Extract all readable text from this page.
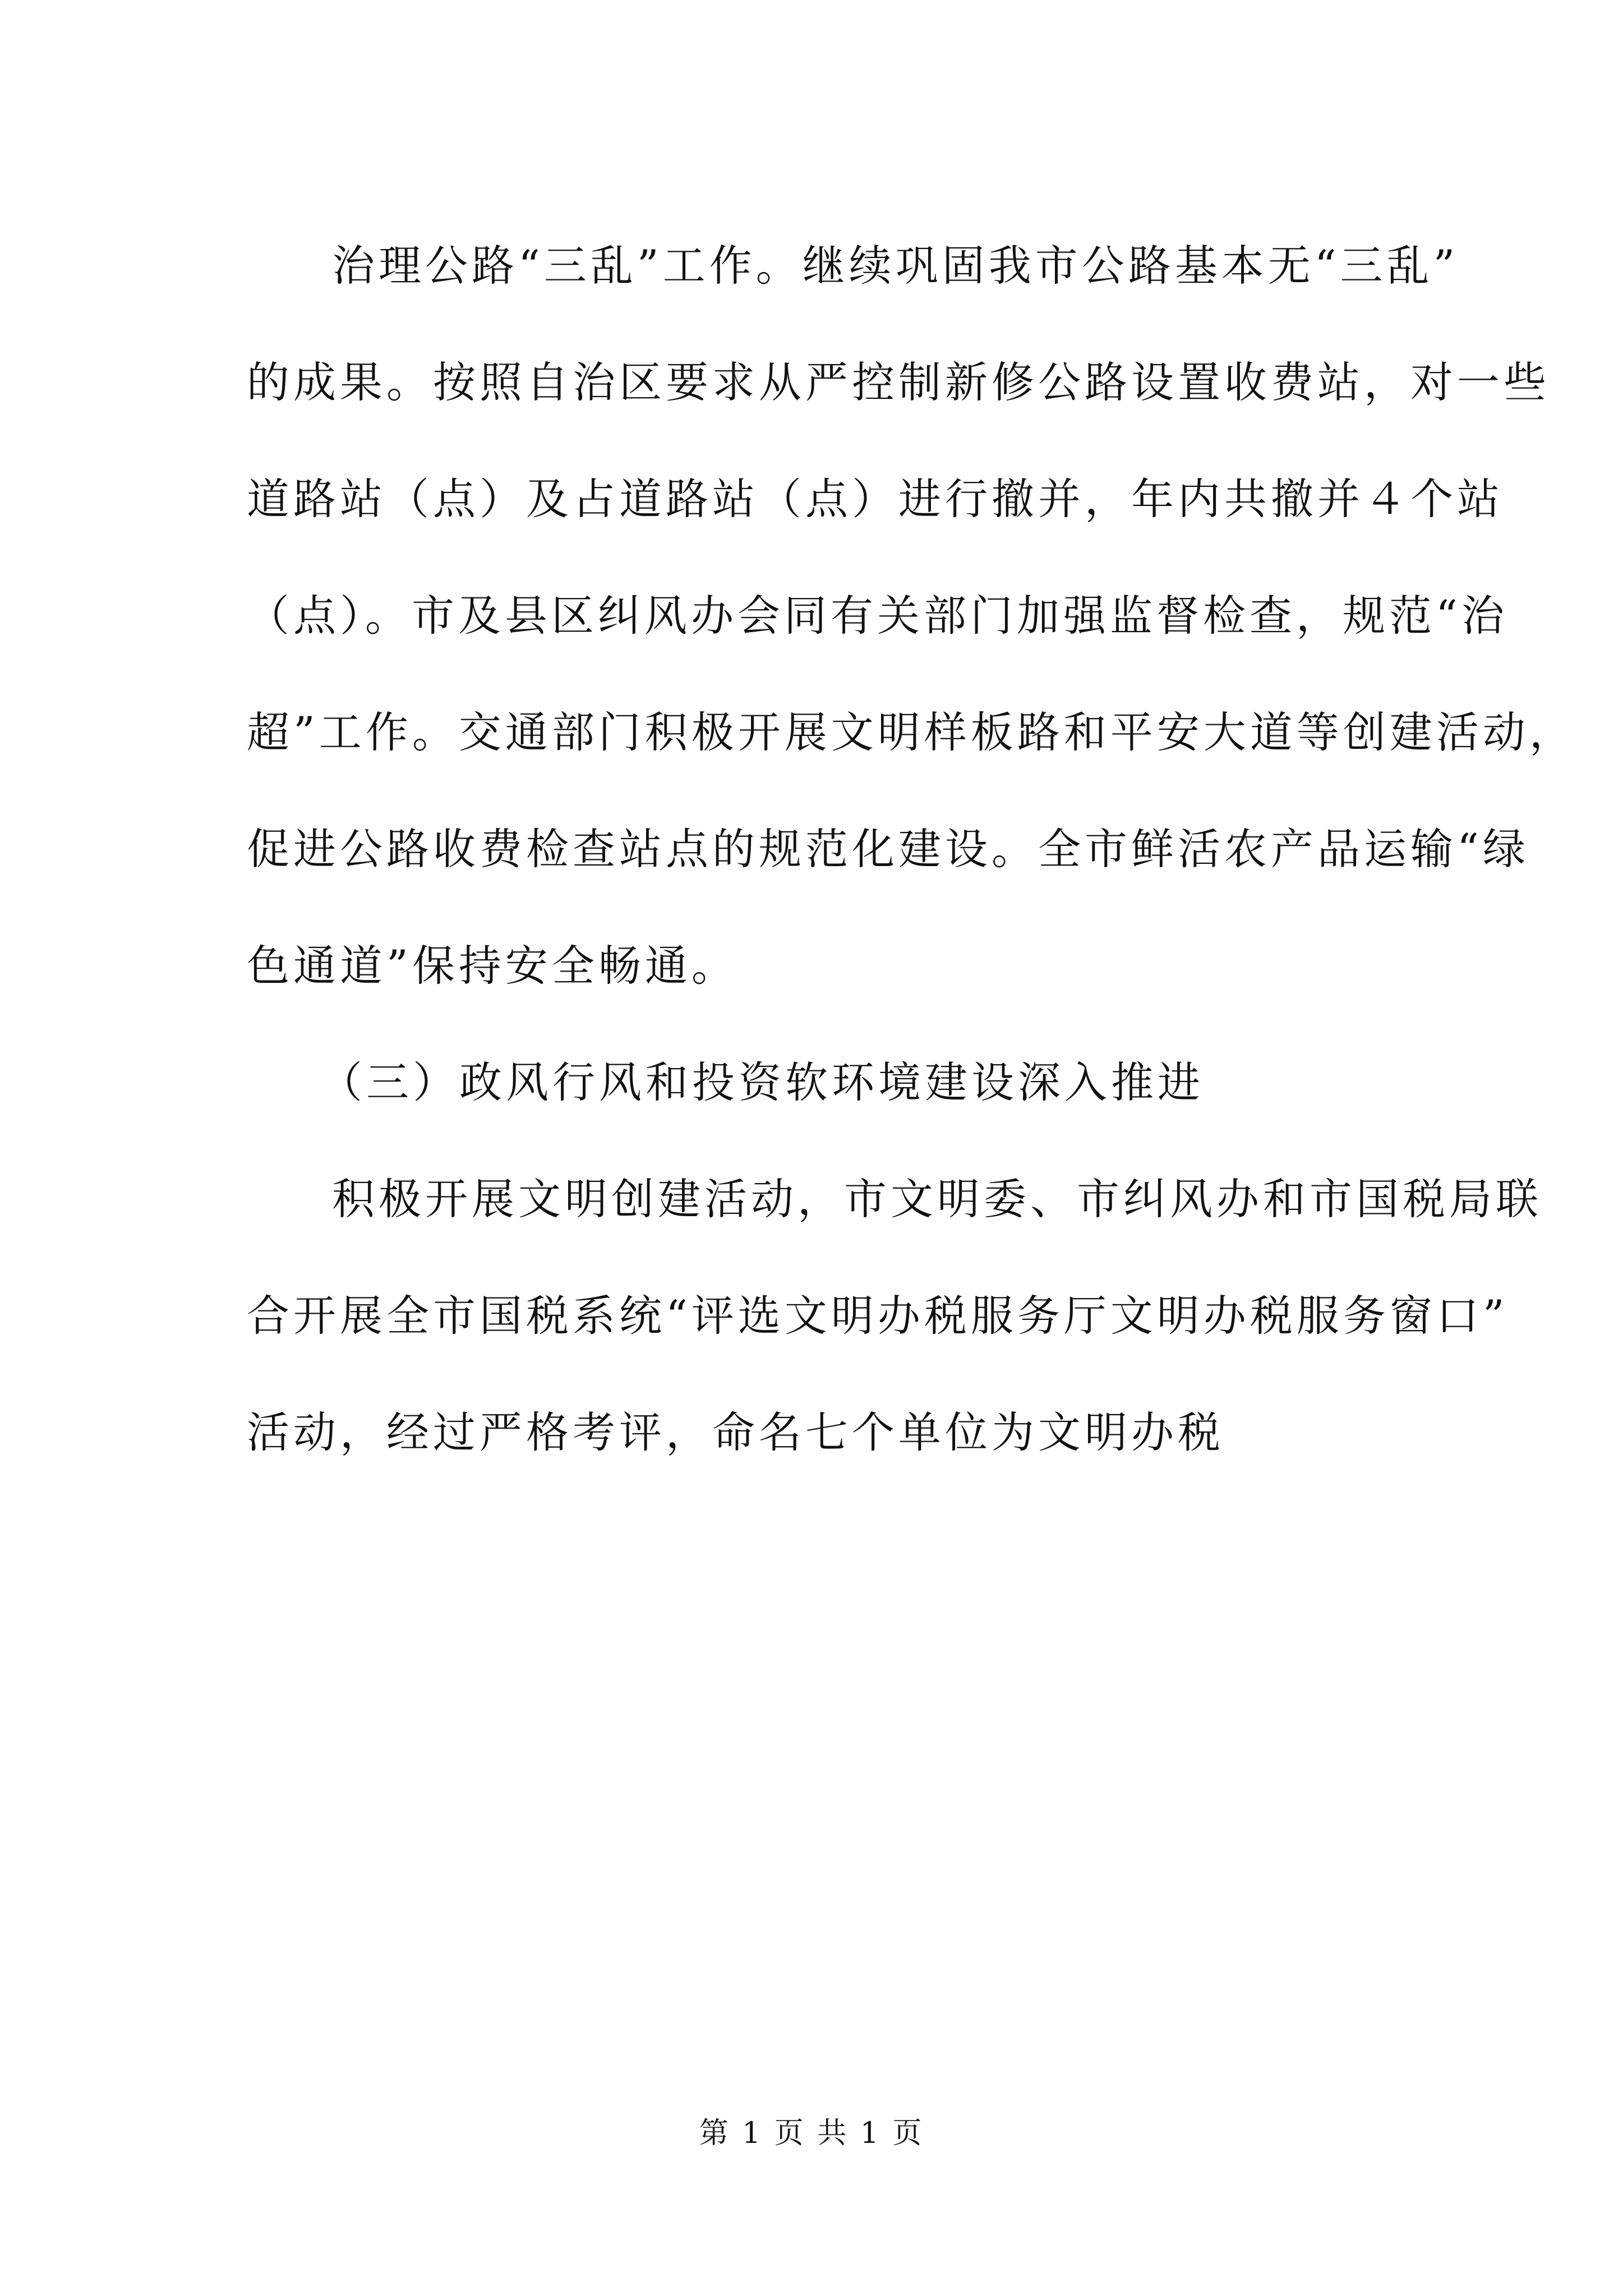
治理公路“三乱”工作。继续巩固我市公路基本无“三乱”
的成果。按照自治区要求从严控制新修公路设置收费站，对一些
道路站（点）及占道路站（点）进行撤并，年内共撤并４个站
（点）。市及县区纠风办会同有关部门加强监督检查，规范“治
超”工作。交通部门积极开展文明样板路和平安大道等创建活动，
促进公路收费检查站点的规范化建设。全市鲜活农产品运输“绿
色通道”保持安全畅通。
（三）政风行风和投资软环境建设深入推进
积极开展文明创建活动，市文明委、市纠风办和市国税局联
合开展全市国税系统“评选文明办税服务厅文明办税服务窗口”
活动，经过严格考评，命名七个单位为文明办税
第 1 页 共 1 页
